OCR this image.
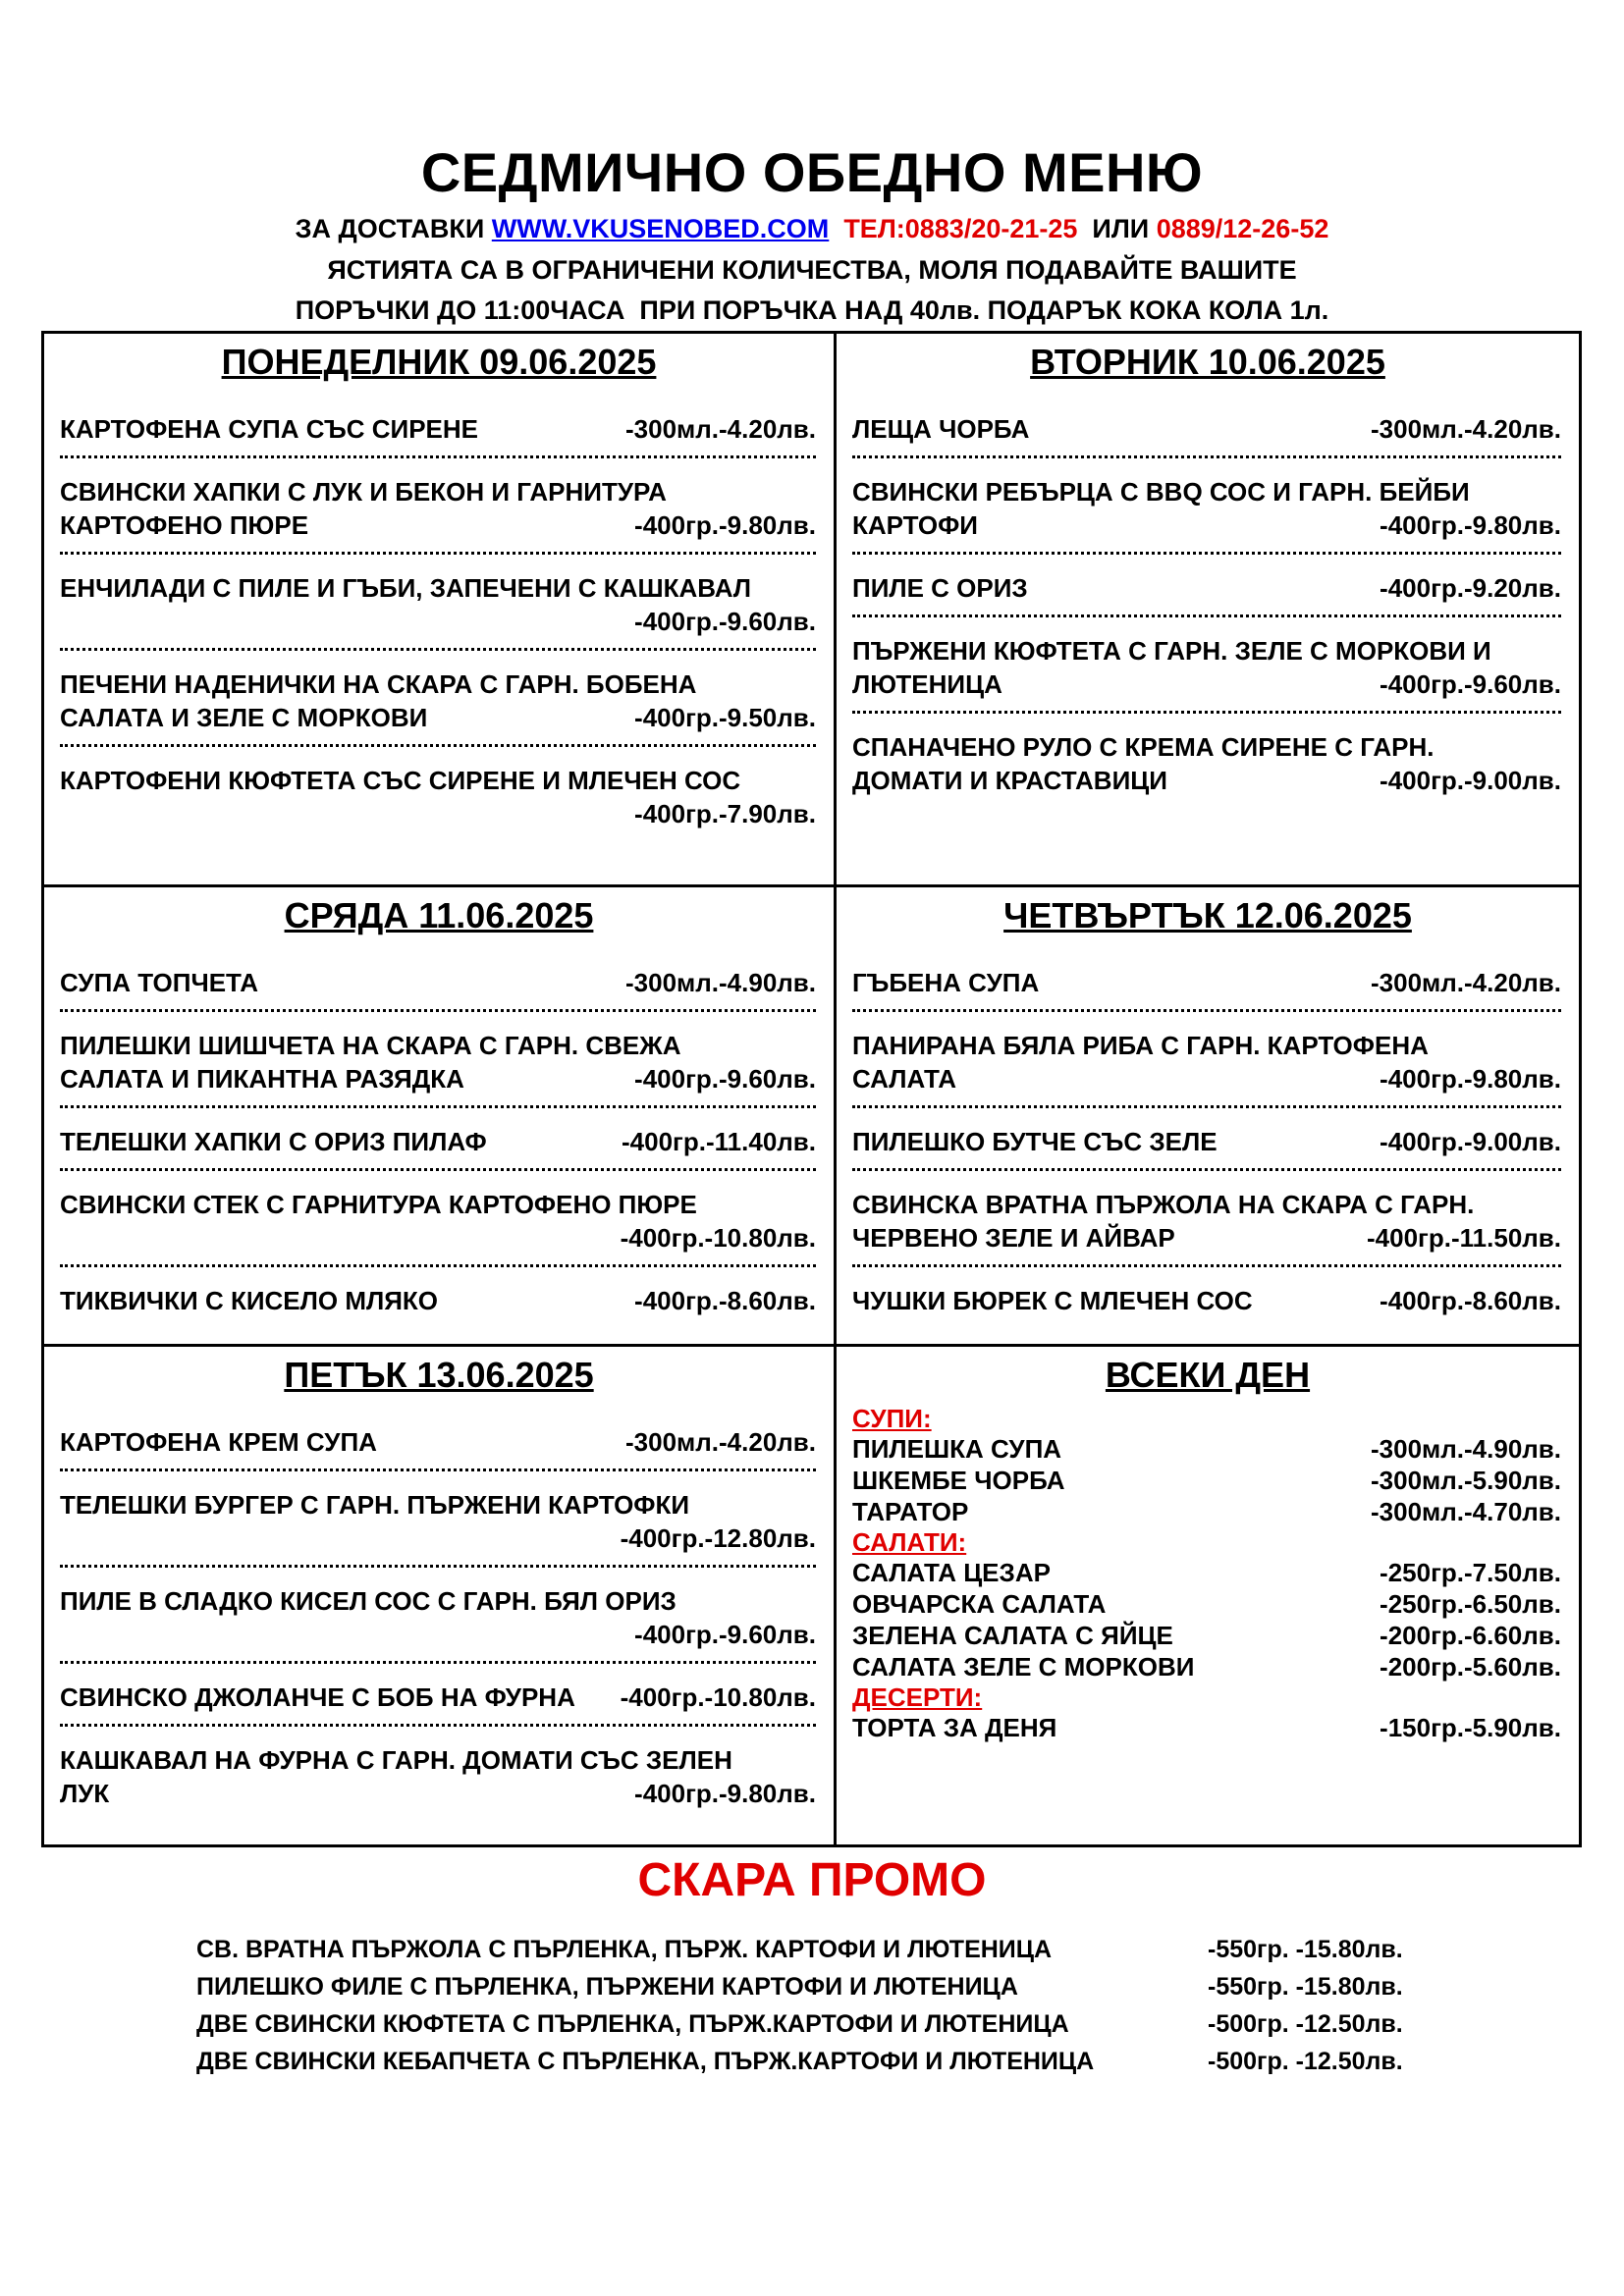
СЕДМИЧНО ОБЕДНО МЕНЮ
ЗА ДОСТАВКИ WWW.VKUSENOBED.COM ТЕЛ:0883/20-21-25 ИЛИ 0889/12-26-52
ЯСТИЯТА СА В ОГРАНИЧЕНИ КОЛИЧЕСТВА, МОЛЯ ПОДАВАЙТЕ ВАШИТЕ
ПОРЪЧКИ ДО 11:00ЧАСА  ПРИ ПОРЪЧКА НАД 40лв. ПОДАРЪК КОКА КОЛА 1л.
ПОНЕДЕЛНИК 09.06.2025
КАРТОФЕНА СУПА СЪС СИРЕНЕ	-300мл.-4.20лв.
СВИНСКИ ХАПКИ С ЛУК И БЕКОН И ГАРНИТУРА
КАРТОФЕНО ПЮРЕ	-400гр.-9.80лв.
ЕНЧИЛАДИ С ПИЛЕ И ГЪБИ, ЗАПЕЧЕНИ С КАШКАВАЛ

-400гр.-9.60лв.
ПЕЧЕНИ НАДЕНИЧКИ НА СКАРА С ГАРН. БОБЕНА
САЛАТА И ЗЕЛЕ С МОРКОВИ	-400гр.-9.50лв.
КАРТОФЕНИ КЮФТЕТА СЪС СИРЕНЕ И МЛЕЧЕН СОС

-400гр.-7.90лв.
ВТОРНИК 10.06.2025
ЛЕЩА ЧОРБА	-300мл.-4.20лв.
СВИНСКИ РЕБЪРЦА С BBQ СОС И ГАРН. БЕЙБИ
КАРТОФИ	-400гр.-9.80лв.
ПИЛЕ С ОРИЗ	-400гр.-9.20лв.
ПЪРЖЕНИ КЮФТЕТА С ГАРН. ЗЕЛЕ С МОРКОВИ И
ЛЮТЕНИЦА	-400гр.-9.60лв.
СПАНАЧЕНО РУЛО С КРЕМА СИРЕНЕ С ГАРН.
ДОМАТИ И КРАСТАВИЦИ	-400гр.-9.00лв.
СРЯДА 11.06.2025
СУПА ТОПЧЕТА	-300мл.-4.90лв.
ПИЛЕШКИ ШИШЧЕТА НА СКАРА С ГАРН. СВЕЖА
САЛАТА И ПИКАНТНА РАЗЯДКА	-400гр.-9.60лв.
ТЕЛЕШКИ ХАПКИ С ОРИЗ ПИЛАФ	-400гр.-11.40лв.
СВИНСКИ СТЕК С ГАРНИТУРА КАРТОФЕНО ПЮРЕ

-400гр.-10.80лв.
ТИКВИЧКИ С КИСЕЛО МЛЯКО	-400гр.-8.60лв.
ЧЕТВЪРТЪК 12.06.2025
ГЪБЕНА СУПА	-300мл.-4.20лв.
ПАНИРАНА БЯЛА РИБА С ГАРН. КАРТОФЕНА
САЛАТА	-400гр.-9.80лв.
ПИЛЕШКО БУТЧЕ СЪС ЗЕЛЕ	-400гр.-9.00лв.
СВИНСКА ВРАТНА ПЪРЖОЛА НА СКАРА С ГАРН.
ЧЕРВЕНО ЗЕЛЕ И АЙВАР	-400гр.-11.50лв.
ЧУШКИ БЮРЕК С МЛЕЧЕН СОС	-400гр.-8.60лв.
ПЕТЪК 13.06.2025
КАРТОФЕНА КРЕМ СУПА	-300мл.-4.20лв.
ТЕЛЕШКИ БУРГЕР С ГАРН. ПЪРЖЕНИ КАРТОФКИ

-400гр.-12.80лв.
ПИЛЕ В СЛАДКО КИСЕЛ СОС С ГАРН. БЯЛ ОРИЗ

-400гр.-9.60лв.
СВИНСКО ДЖОЛАНЧЕ С БОБ НА ФУРНА	-400гр.-10.80лв.
КАШКАВАЛ НА ФУРНА С ГАРН. ДОМАТИ СЪС ЗЕЛЕН
ЛУК	-400гр.-9.80лв.
ВСЕКИ ДЕН
СУПИ:
ПИЛЕШКА СУПА	-300мл.-4.90лв.
ШКЕМБЕ ЧОРБА	-300мл.-5.90лв.
ТАРАТОР	-300мл.-4.70лв.
САЛАТИ:
САЛАТА ЦЕЗАР	-250гр.-7.50лв.
ОВЧАРСКА САЛАТА	-250гр.-6.50лв.
ЗЕЛЕНА САЛАТА С ЯЙЦЕ	-200гр.-6.60лв.
САЛАТА ЗЕЛЕ С МОРКОВИ	-200гр.-5.60лв.
ДЕСЕРТИ:
ТОРТА ЗА ДЕНЯ	-150гр.-5.90лв.
СКАРА ПРОМО
СВ. ВРАТНА ПЪРЖОЛА С ПЪРЛЕНКА, ПЪРЖ. КАРТОФИ И ЛЮТЕНИЦА	-550гр. -15.80лв.
ПИЛЕШКО ФИЛЕ С ПЪРЛЕНКА, ПЪРЖЕНИ КАРТОФИ И ЛЮТЕНИЦА	-550гр. -15.80лв.
ДВЕ СВИНСКИ КЮФТЕТА С ПЪРЛЕНКА, ПЪРЖ.КАРТОФИ И ЛЮТЕНИЦА	-500гр. -12.50лв.
ДВЕ СВИНСКИ КЕБАПЧЕТА С ПЪРЛЕНКА, ПЪРЖ.КАРТОФИ И ЛЮТЕНИЦА	-500гр. -12.50лв.
